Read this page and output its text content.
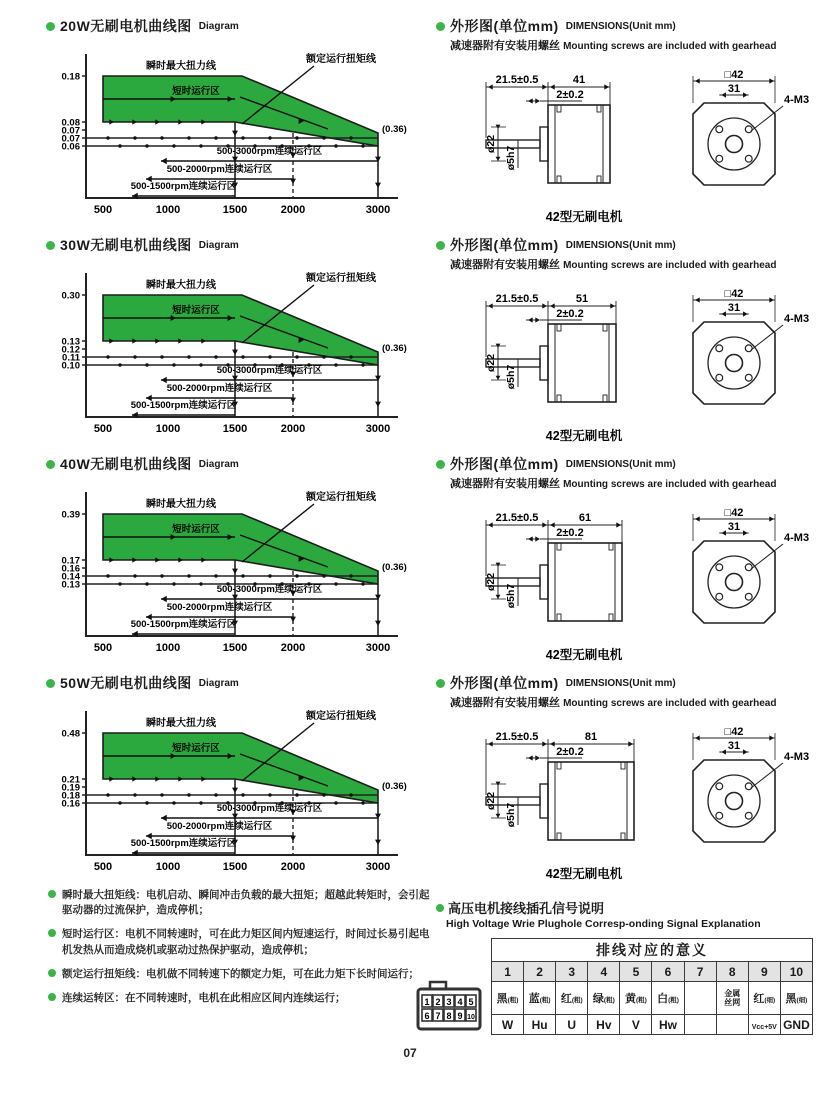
20W无刷电机曲线图 Diagram
0.18
0.08
0.07
0.07
0.06
500	1000	1500	2000	3000
短时运行区
瞬时最大扭力线
额定运行扭矩线
(0.36)
500-3000rpm连续运行区
500-2000rpm连续运行区
500-1500rpm连续运行区
30W无刷电机曲线图 Diagram
0.30
0.13
0.12
0.11
0.10
500	1000	1500	2000	3000
短时运行区
瞬时最大扭力线
额定运行扭矩线
(0.36)
500-3000rpm连续运行区
500-2000rpm连续运行区
500-1500rpm连续运行区
40W无刷电机曲线图 Diagram
0.39
0.17
0.16
0.14
0.13
500	1000	1500	2000	3000
短时运行区
瞬时最大扭力线
额定运行扭矩线
(0.36)
500-3000rpm连续运行区
500-2000rpm连续运行区
500-1500rpm连续运行区
50W无刷电机曲线图 Diagram
0.48
0.21
0.19
0.18
0.16
500	1000	1500	2000	3000
短时运行区
瞬时最大扭力线
额定运行扭矩线
(0.36)
500-3000rpm连续运行区
500-2000rpm连续运行区
500-1500rpm连续运行区
外形图(单位mm) DIMENSIONS(Unit mm)
减速器附有安装用螺丝 Mounting screws are included with gearhead
21.5±0.5	41
2±0.2
ø22
ø5h7
□42
31
4-M3
42型无刷电机
外形图(单位mm) DIMENSIONS(Unit mm)
减速器附有安装用螺丝 Mounting screws are included with gearhead
21.5±0.5	51
2±0.2
ø22
ø5h7
□42
31
4-M3
42型无刷电机
外形图(单位mm) DIMENSIONS(Unit mm)
减速器附有安装用螺丝 Mounting screws are included with gearhead
21.5±0.5	61
2±0.2
ø22
ø5h7
□42
31
4-M3
42型无刷电机
外形图(单位mm) DIMENSIONS(Unit mm)
减速器附有安装用螺丝 Mounting screws are included with gearhead
21.5±0.5	81
2±0.2
ø22
ø5h7
□42
31
4-M3
42型无刷电机
瞬时最大扭矩线：电机启动、瞬间冲击负载的最大扭矩；超越此转矩时，会引起驱动器的过流保护，造成停机；
短时运行区：电机不同转速时，可在此力矩区间内短速运行，时间过长易引起电机发热从而造成烧机或驱动过热保护驱动，造成停机；
额定运行扭矩线：电机做不同转速下的额定力矩，可在此力矩下长时间运行；
连续运转区：在不同转速时，电机在此相应区间内连续运行；
高压电机接线插孔信号说明
High Voltage Wrie Plughole Corresp-onding Signal Explanation
1 2 3 4 5
6 7 8 9 10
排线对应的意义									
1	2	3	4	5	6	7	8	9	10
黑(粗)	蓝(粗)	红(粗)	绿(粗)	黄(粗)	白(粗)		金属
丝网	红(细)	黑(细)
W	Hu	U	Hv	V	Hw			Vcc+5V	GND
07
